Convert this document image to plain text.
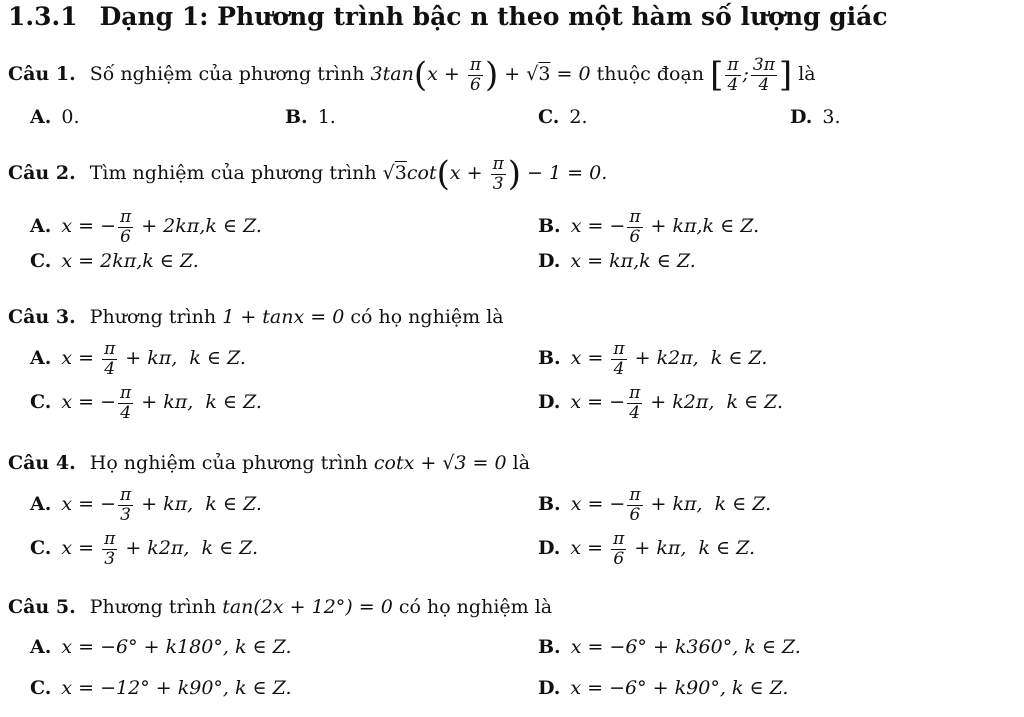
1.3.1 Dạng 1: Phương trình bậc n theo một hàm số lượng giác
Câu 1. Số nghiệm của phương trình $3\tan(x + \frac{\pi}{6}$ ) + √3 = 0 thuộc đoạn [ $\frac{\pi}{4}$ ; $\frac{3\pi}{4}$ ] là
A. 0.	B. 1.	C. 2.	D. 3.
Câu 2. Tìm nghiệm của phương trình $√3\cot(x + \frac{\pi}{3}$ ) − 1 = 0.
A. x = − $\frac{\pi}{6} + 2k\pi,k$ ∈ Z.	B. x = − $\frac{\pi}{6} + k\pi,k$ ∈ Z.
C. x = 2kπ,k ∈ Z.	D. x = kπ,k ∈ Z.
Câu 3. Phương trình 1 + tanx = 0 có họ nghiệm là
A. $x = \frac{\pi}{4} + k\pi$,  k ∈ Z.	B. $x = \frac{\pi}{4} + k2\pi$,  k ∈ Z.
C. x = − $\frac{\pi}{4} + k\pi$,  k ∈ Z.	D. x = − $\frac{\pi}{4} + k2\pi$,  k ∈ Z.
Câu 4. Họ nghiệm của phương trình cotx + √3 = 0 là
A. x = − $\frac{\pi}{3} + k\pi$,  k ∈ Z.	B. x = − $\frac{\pi}{6} + k\pi$,  k ∈ Z.
C. $x = \frac{\pi}{3} + k2\pi$,  k ∈ Z.	D. $x = \frac{\pi}{6} + k\pi$,  k ∈ Z.
Câu 5. Phương trình tan(2x + 12°) = 0 có họ nghiệm là
A. x = −6° + k180°, k ∈ Z.	B. x = −6° + k360°, k ∈ Z.
C. x = −12° + k90°, k ∈ Z.	D. x = −6° + k90°, k ∈ Z.
